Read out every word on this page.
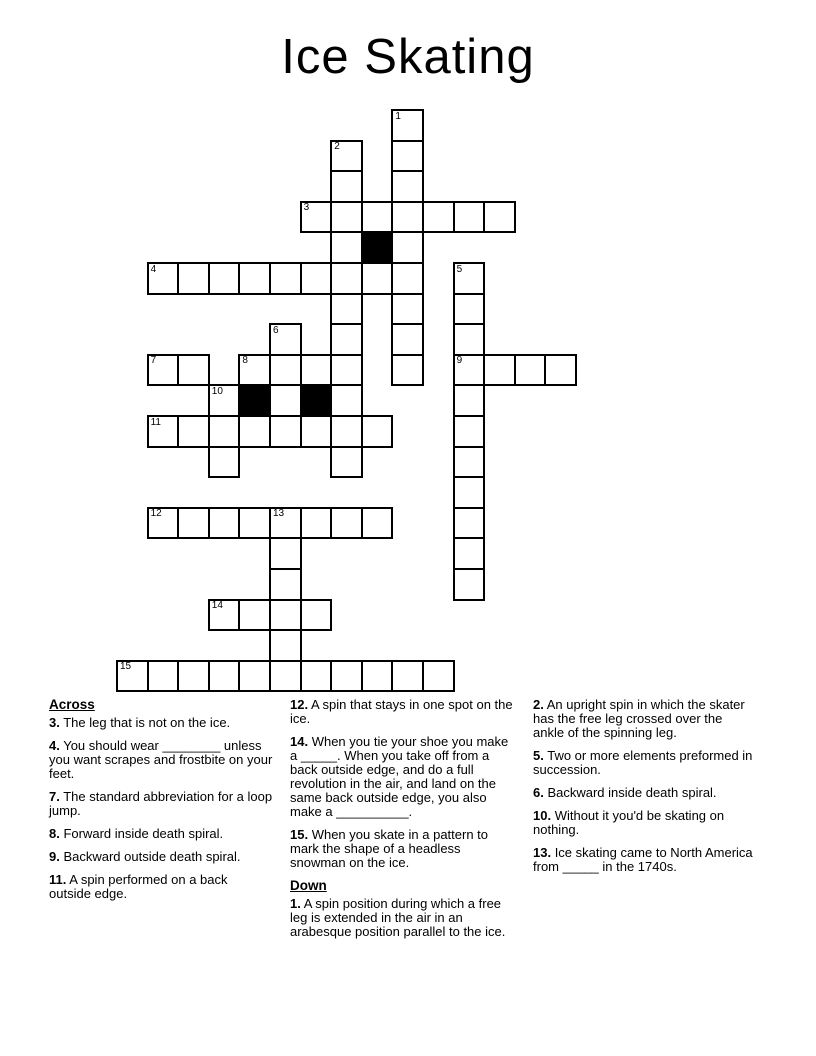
Ice Skating
1
2
3
4	5
6
7	8	9
10
11
12	13
14
15
Across

3. The leg that is not on the ice.

4. You should wear ________ unless you want scrapes and frostbite on your feet.

7. The standard abbreviation for a loop jump.

8. Forward inside death spiral.

9. Backward outside death spiral.

11. A spin performed on a back outside edge.

12. A spin that stays in one spot on the ice.

14. When you tie your shoe you make a _____. When you take off from a back outside edge, and do a full revolution in the air, and land on the same back outside edge, you also make a __________.

15. When you skate in a pattern to mark the shape of a headless snowman on the ice.

Down

1. A spin position during which a free leg is extended in the air in an arabesque position parallel to the ice.

2. An upright spin in which the skater has the free leg crossed over the ankle of the spinning leg.

5. Two or more elements preformed in succession.

6. Backward inside death spiral.

10. Without it you'd be skating on nothing.

13. Ice skating came to North America from _____ in the 1740s.
